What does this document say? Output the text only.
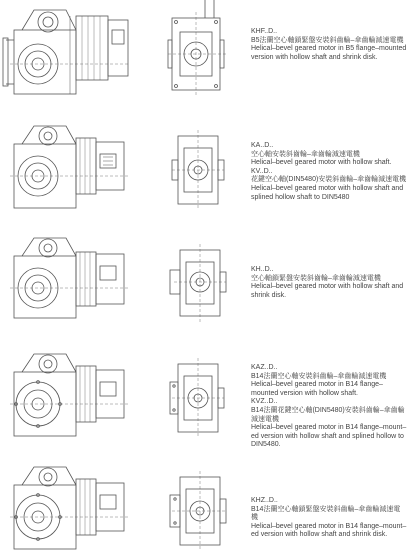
KHF..D..
B5法蘭空心軸鎖緊盤安裝斜齒輪–傘齒輪減速電機
Helical–bevel geared motor in B5 flange–mounted version with hollow shaft and shrink disk.
KA..D..
空心軸安裝斜齒輪–傘齒輪減速電機
Helical–bevel geared motor with hollow shaft.
KV..D..
花鍵空心軸(DIN5480)安裝斜齒輪–傘齒輪減速電機
Helical–bevel geared motor with hollow shaft and splined hollow shaft to DIN5480
KH..D..
空心軸鎖緊盤安裝斜齒輪–傘齒輪減速電機
Helical–bevel geared motor with hollow shaft and shrink disk.
KAZ..D..
B14法蘭空心軸安裝斜齒輪–傘齒輪減速電機
Helical–bevel geared motor in B14 flange–mounted version with hollow shaft.
KVZ..D..
B14法蘭花鍵空心軸(DIN5480)安裝斜齒輪–傘齒輪減速電機
Helical–bevel geared motor in B14 flange–mount–ed version with hollow shaft and splined hollow to DIN5480.
KHZ..D..
B14法蘭空心軸鎖緊盤安裝斜齒輪–傘齒輪減速電機
Helical–bevel geared motor in B14 flange–mount–ed version with hollow shaft and shrink disk.
